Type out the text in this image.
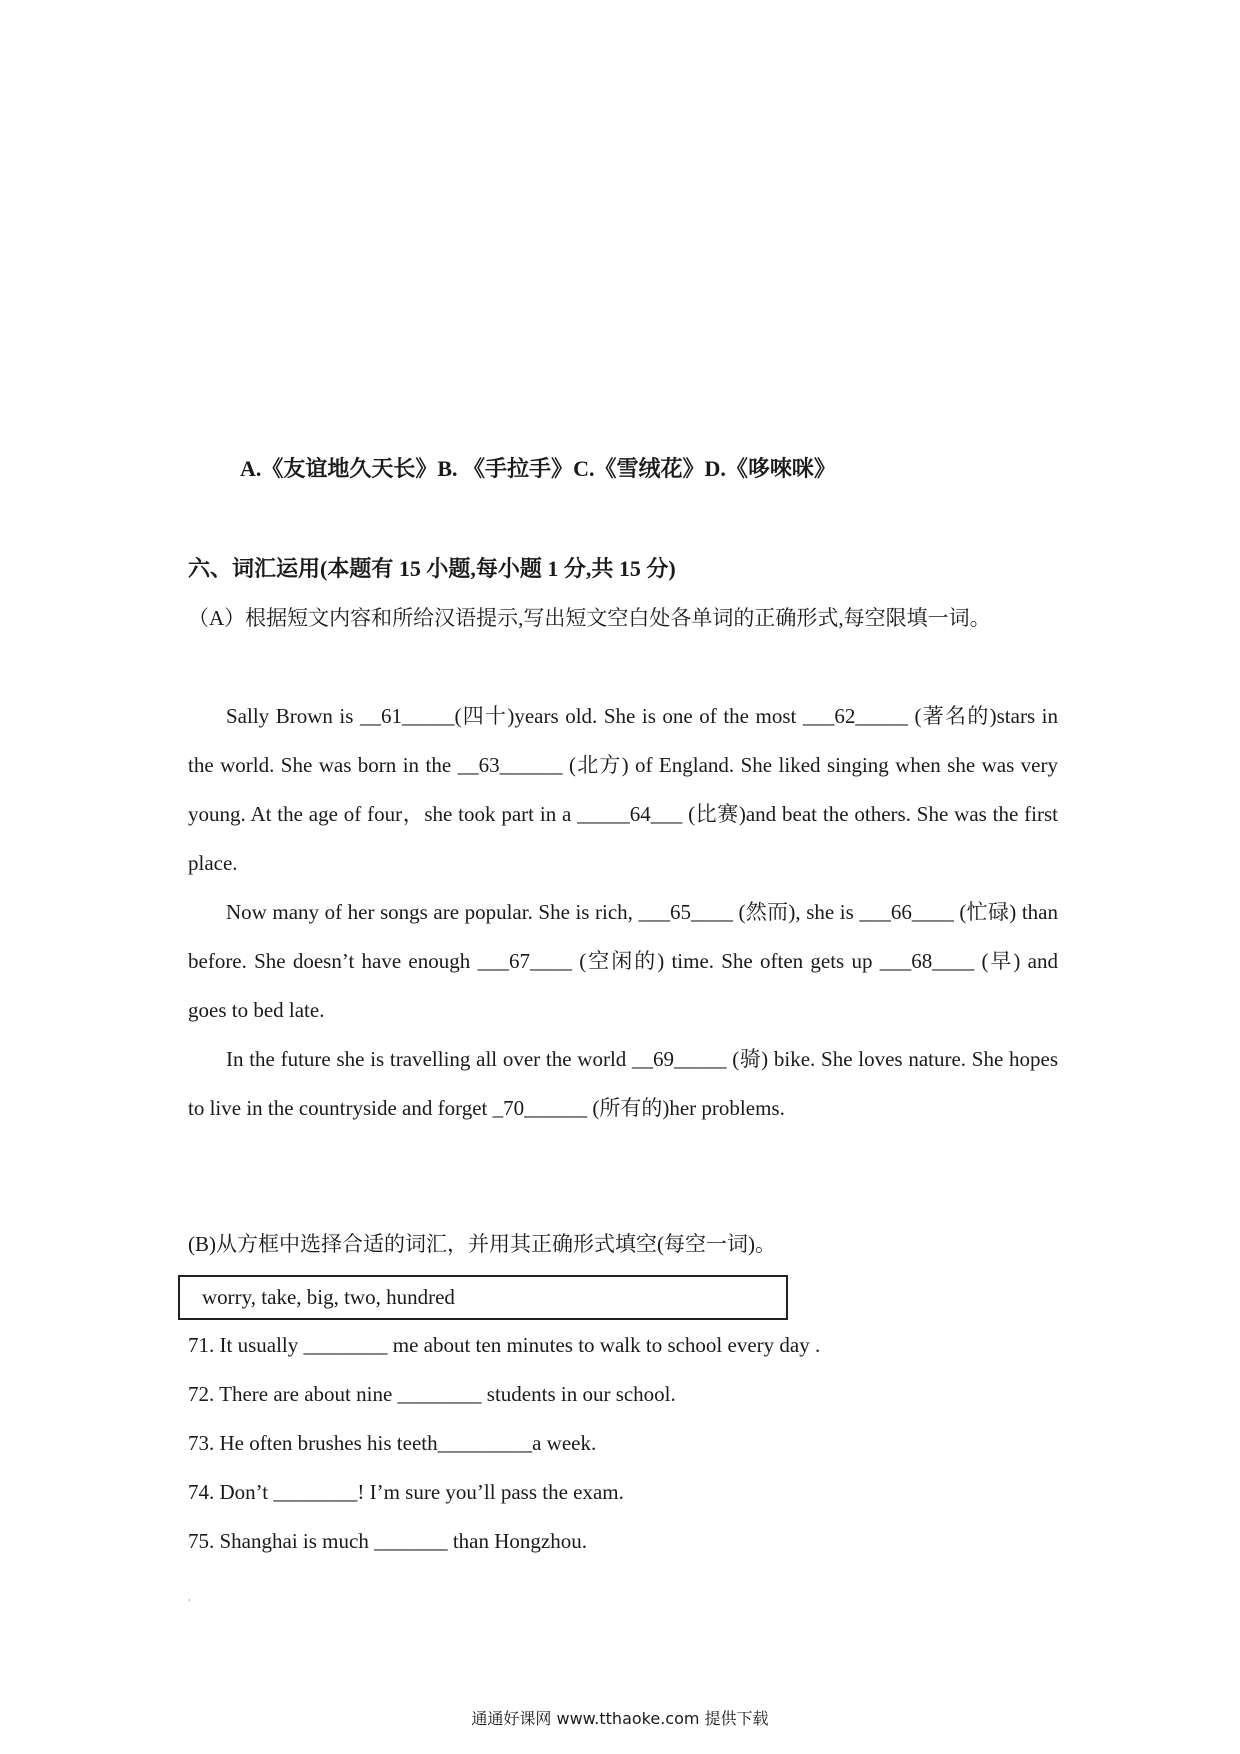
A.《友谊地久天长》B. 《手拉手》C.《雪绒花》D.《哆唻咪》
六、词汇运用(本题有 15 小题,每小题 1 分,共 15 分)
（A）根据短文内容和所给汉语提示,写出短文空白处各单词的正确形式,每空限填一词。

Sally Brown is __61_____(四十)years old. She is one of the most ___62_____ (著名的)stars in the world. She was born in the __63______ (北方) of England. She liked singing when she was very young. At the age of four，she took part in a _____64___ (比赛)and beat the others. She was the first place.

Now many of her songs are popular. She is rich, ___65____ (然而), she is ___66____ (忙碌) than before. She doesn’t have enough ___67____ (空闲的) time. She often gets up ___68____ (早) and goes to bed late.

In the future she is travelling all over the world __69_____ (骑) bike. She loves nature. She hopes to live in the countryside and forget _70______ (所有的)her problems.

(B)从方框中选择合适的词汇，并用其正确形式填空(每空一词)。
worry, take, big, two, hundred
71. It usually ________ me about ten minutes to walk to school every day .
72. There are about nine ________ students in our school.
73. He often brushes his teeth_________a week.
74. Don’t ________! I’m sure you’ll pass the exam.
75. Shanghai is much _______ than Hongzhou.
·
通通好课网 www.tthaoke.com 提供下载
